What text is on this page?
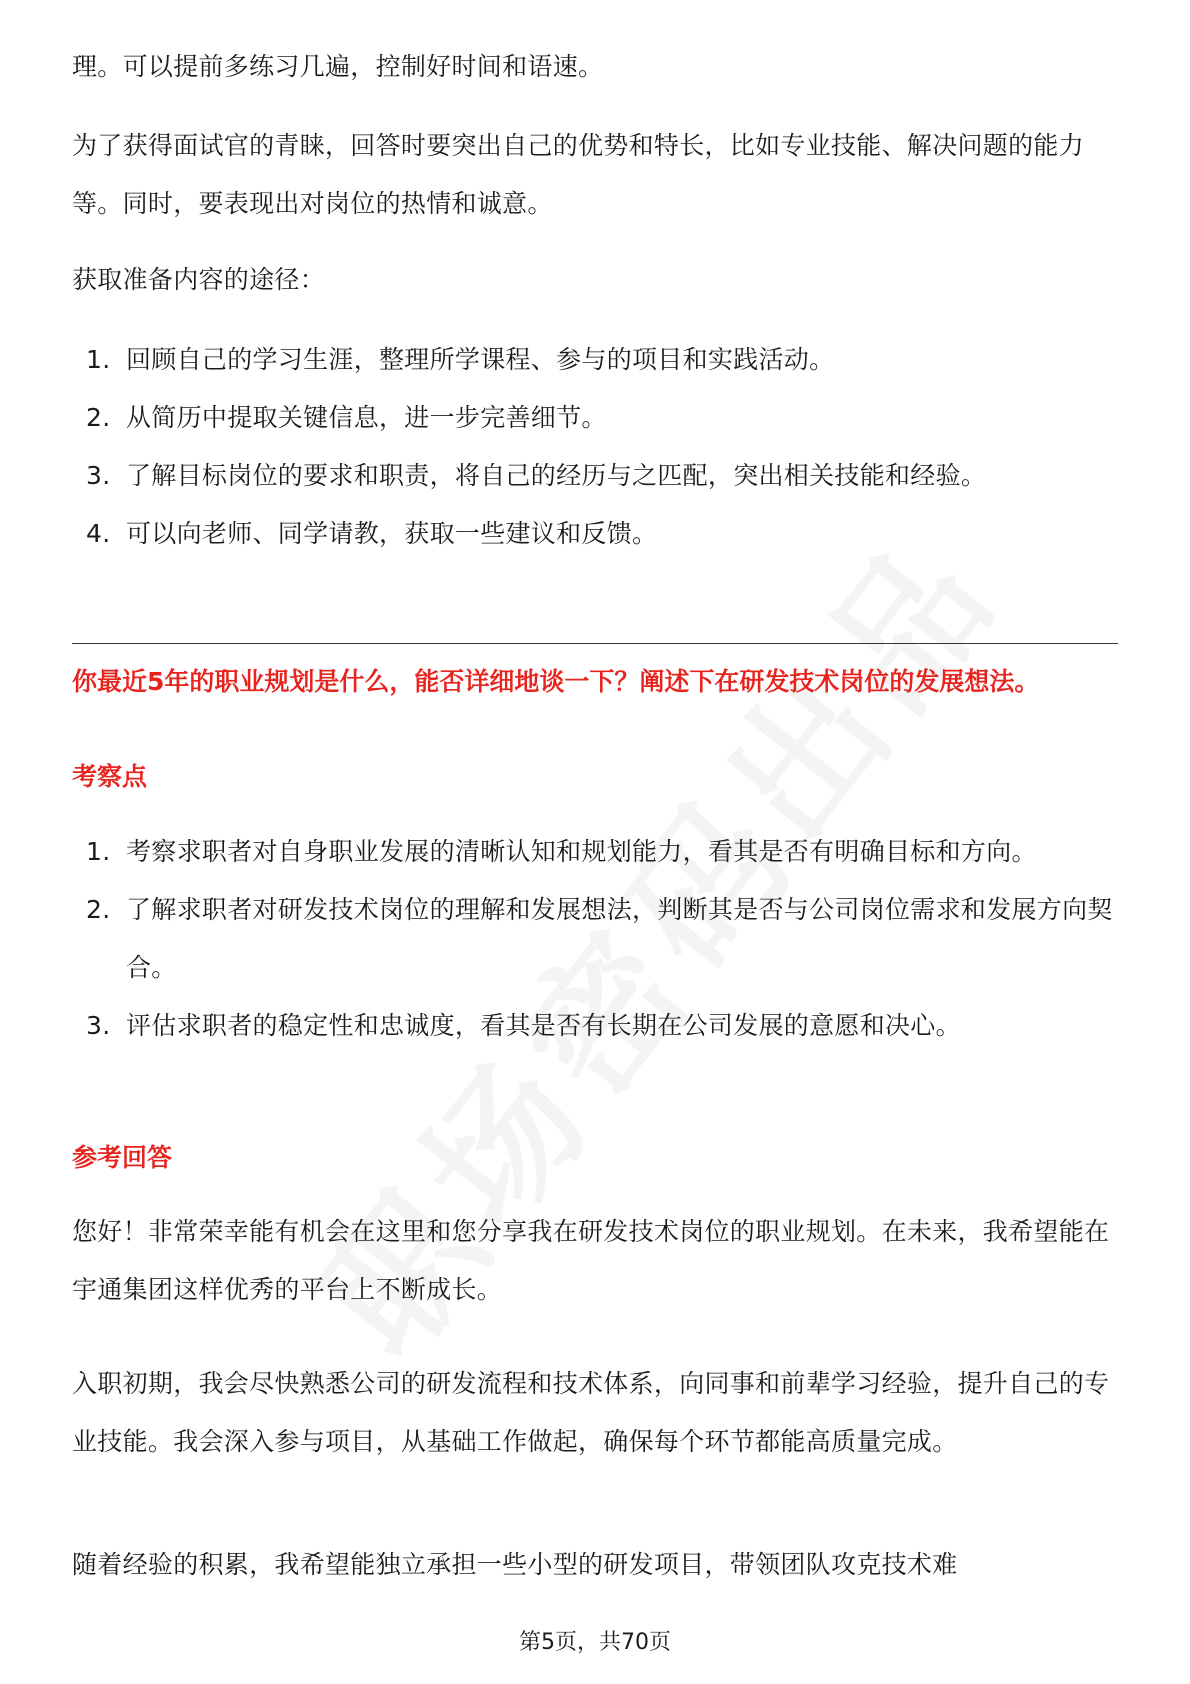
理。可以提前多练习几遍，控制好时间和语速。

为了获得面试官的青睐，回答时要突出自己的优势和特长，比如专业技能、解决问题的能力等。同时，要表现出对岗位的热情和诚意。

获取准备内容的途径：

1. 回顾自己的学习生涯，整理所学课程、参与的项目和实践活动。
2. 从简历中提取关键信息，进一步完善细节。
3. 了解目标岗位的要求和职责，将自己的经历与之匹配，突出相关技能和经验。
4. 可以向老师、同学请教，获取一些建议和反馈。

你最近5年的职业规划是什么，能否详细地谈一下？阐述下在研发技术岗位的发展想法。

考察点

1. 考察求职者对自身职业发展的清晰认知和规划能力，看其是否有明确目标和方向。
2. 了解求职者对研发技术岗位的理解和发展想法，判断其是否与公司岗位需求和发展方向契合。
3. 评估求职者的稳定性和忠诚度，看其是否有长期在公司发展的意愿和决心。

参考回答

您好！非常荣幸能有机会在这里和您分享我在研发技术岗位的职业规划。在未来，我希望能在宇通集团这样优秀的平台上不断成长。

入职初期，我会尽快熟悉公司的研发流程和技术体系，向同事和前辈学习经验，提升自己的专业技能。我会深入参与项目，从基础工作做起，确保每个环节都能高质量完成。

随着经验的积累，我希望能独立承担一些小型的研发项目，带领团队攻克技术难

第5页，共70页
